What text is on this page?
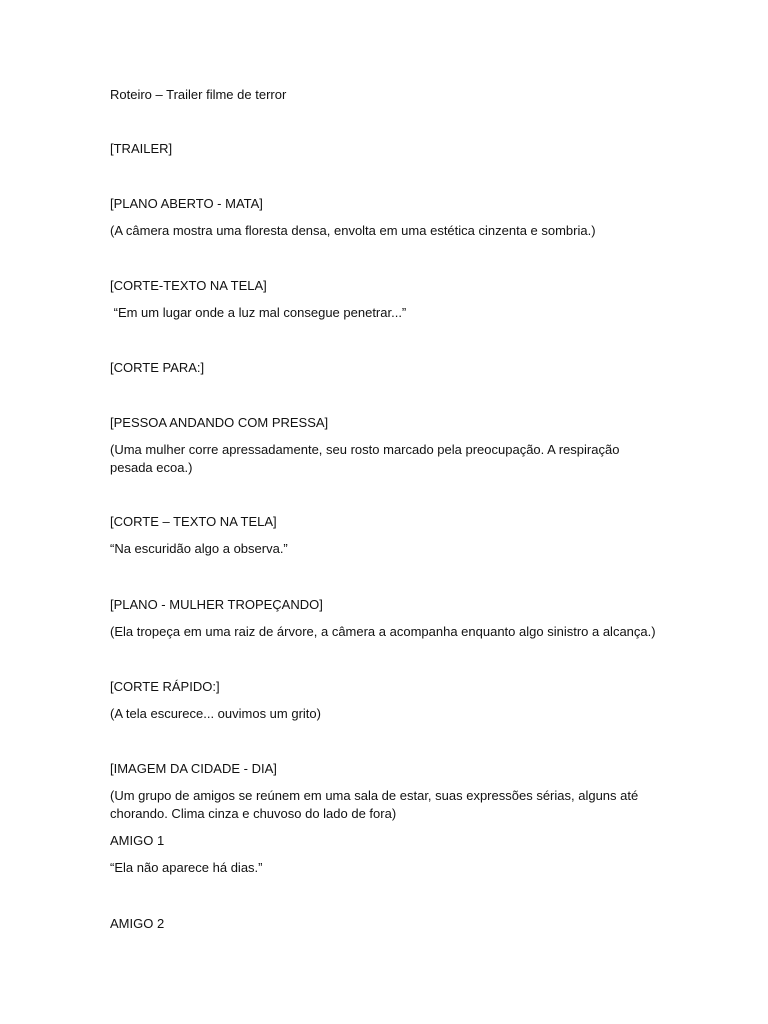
Roteiro – Trailer filme de terror
[TRAILER]
[PLANO ABERTO - MATA]
(A câmera mostra uma floresta densa, envolta em uma estética cinzenta e sombria.)
[CORTE-TEXTO NA TELA]
“Em um lugar onde a luz mal consegue penetrar...”
[CORTE PARA:]
[PESSOA ANDANDO COM PRESSA]
(Uma mulher corre apressadamente, seu rosto marcado pela preocupação. A respiração pesada ecoa.)
[CORTE – TEXTO NA TELA]
“Na escuridão algo a observa.”
[PLANO - MULHER TROPEÇANDO]
(Ela tropeça em uma raiz de árvore, a câmera a acompanha enquanto algo sinistro a alcança.)
[CORTE RÁPIDO:]
(A tela escurece... ouvimos um grito)
[IMAGEM DA CIDADE - DIA]
(Um grupo de amigos se reúnem em uma sala de estar, suas expressões sérias, alguns até chorando. Clima cinza e chuvoso do lado de fora)
AMIGO 1
“Ela não aparece há dias.”
AMIGO 2
